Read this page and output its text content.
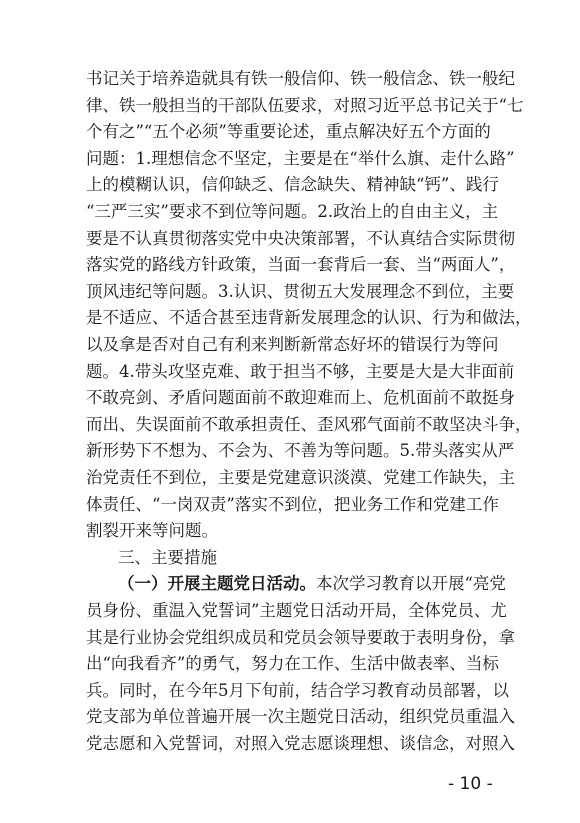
书记关于培养造就具有铁一般信仰、铁一般信念、铁一般纪
律、铁一般担当的干部队伍要求，对照习近平总书记关于“七
个有之”“五个必须”等重要论述，重点解决好五个方面的
问题：1.理想信念不坚定，主要是在“举什么旗、走什么路”
上的模糊认识，信仰缺乏、信念缺失、精神缺“钙”、践行
“三严三实”要求不到位等问题。2.政治上的自由主义，主
要是不认真贯彻落实党中央决策部署，不认真结合实际贯彻
落实党的路线方针政策，当面一套背后一套、当“两面人”，
顶风违纪等问题。3.认识、贯彻五大发展理念不到位，主要
是不适应、不适合甚至违背新发展理念的认识、行为和做法，
以及拿是否对自己有利来判断新常态好坏的错误行为等问
题。4.带头攻坚克难、敢于担当不够，主要是大是大非面前
不敢亮剑、矛盾问题面前不敢迎难而上、危机面前不敢挺身
而出、失误面前不敢承担责任、歪风邪气面前不敢坚决斗争，
新形势下不想为、不会为、不善为等问题。5.带头落实从严
治党责任不到位，主要是党建意识淡漠、党建工作缺失，主
体责任、“一岗双责”落实不到位，把业务工作和党建工作
割裂开来等问题。
三、主要措施
（一）开展主题党日活动。本次学习教育以开展“亮党
员身份、重温入党誓词”主题党日活动开局，全体党员、尤
- 10 -
其是行业协会党组织成员和党员会领导要敢于表明身份，拿
出“向我看齐”的勇气，努力在工作、生活中做表率、当标
兵。同时，在今年5月下旬前，结合学习教育动员部署，以
党支部为单位普遍开展一次主题党日活动，组织党员重温入
党志愿和入党誓词，对照入党志愿谈理想、谈信念，对照入
